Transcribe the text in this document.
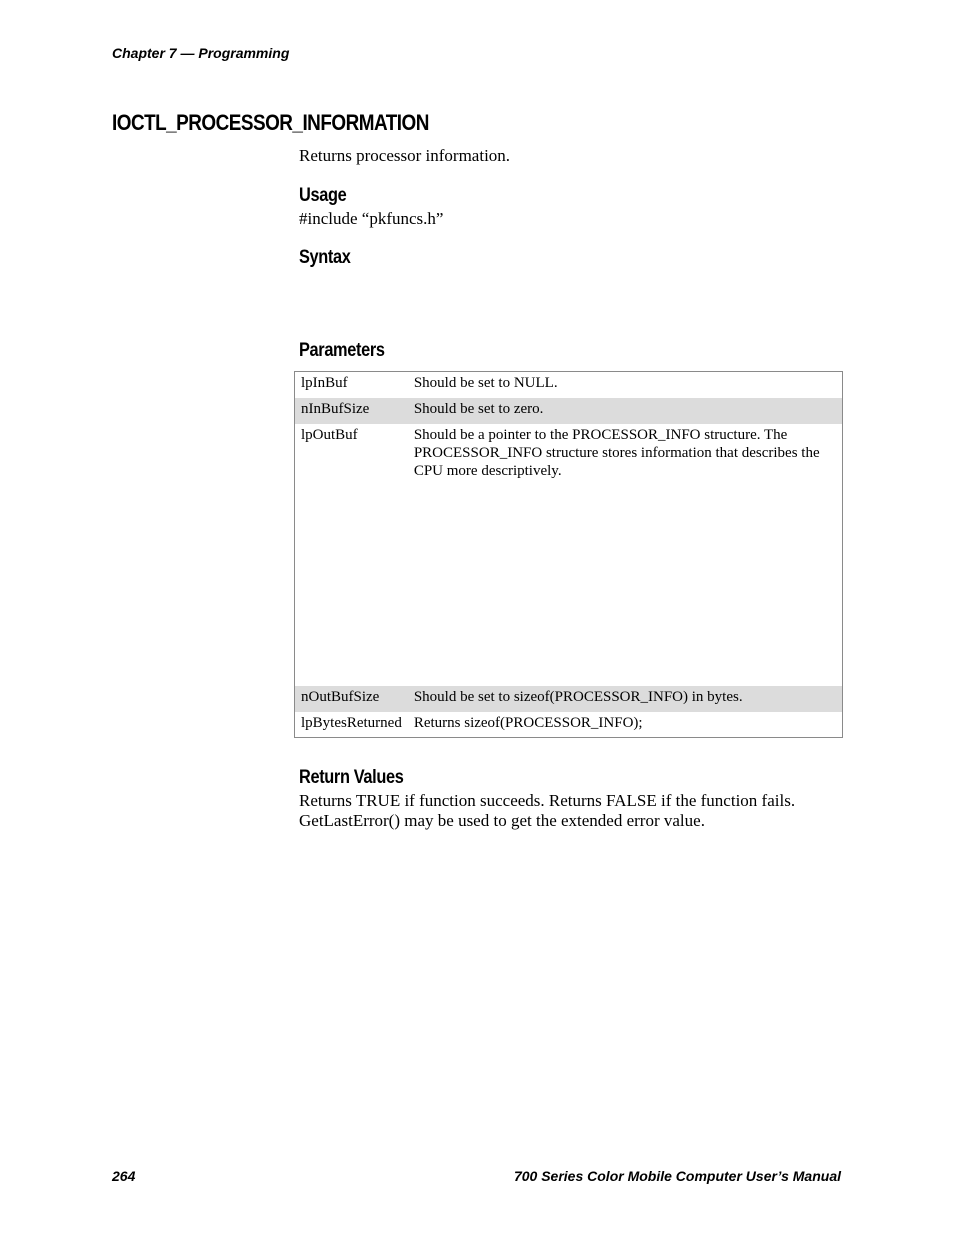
Chapter 7 — Programming
IOCTL_PROCESSOR_INFORMATION
Returns processor information.
Usage
#include “pkfuncs.h”
Syntax
Parameters
lpInBuf	Should be set to NULL.
nInBufSize	Should be set to zero.
lpOutBuf	Should be a pointer to the PROCESSOR_INFO structure. The PROCESSOR_INFO structure stores information that describes the CPU more descriptively.
nOutBufSize	Should be set to sizeof(PROCESSOR_INFO) in bytes.
lpBytesReturned	Returns sizeof(PROCESSOR_INFO);
Return Values
Returns TRUE if function succeeds. Returns FALSE if the function fails.
GetLastError() may be used to get the extended error value.
264	700 Series Color Mobile Computer User’s Manual
